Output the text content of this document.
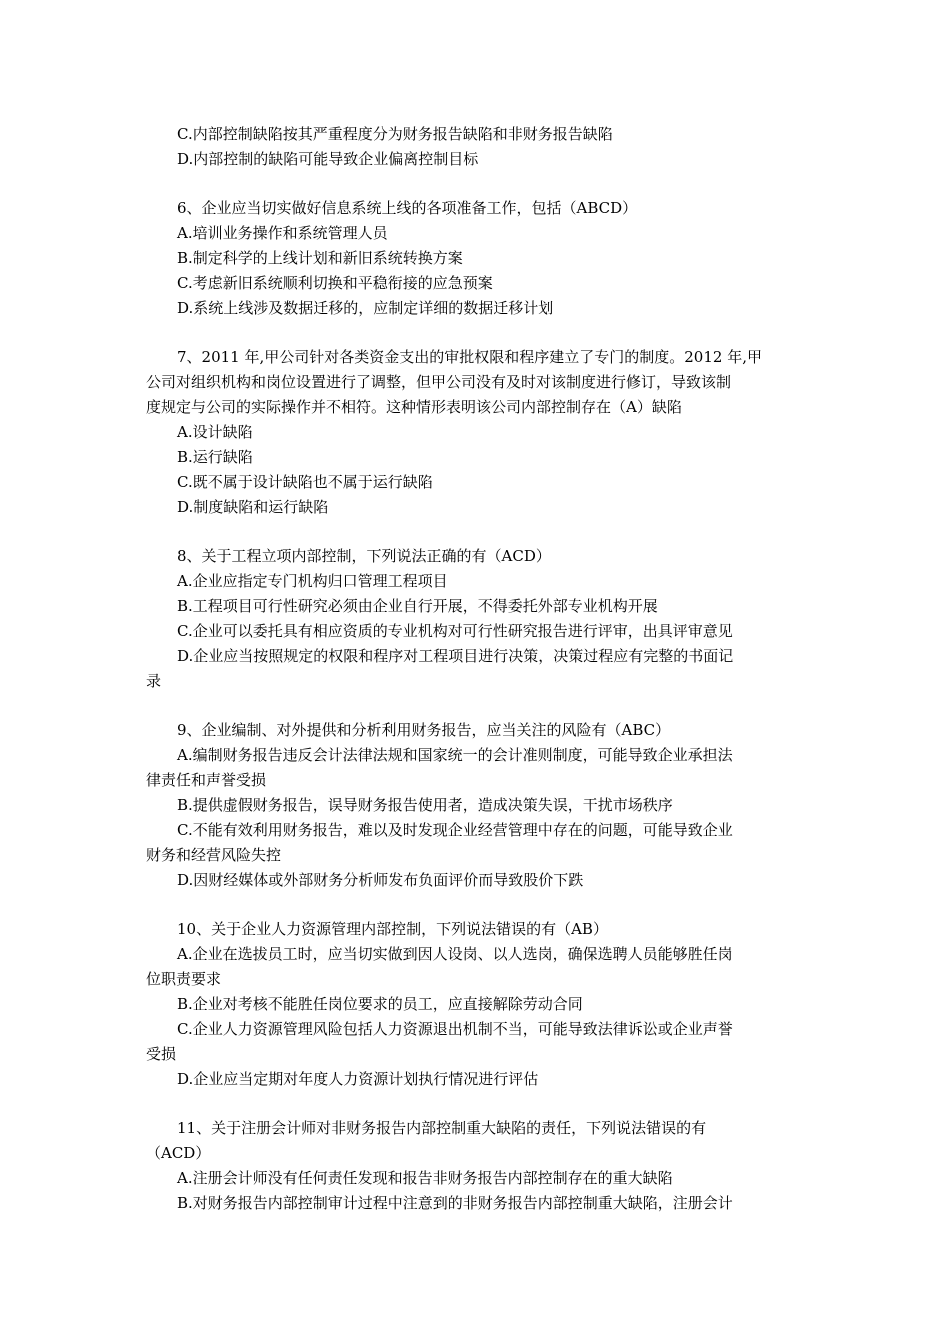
C.内部控制缺陷按其严重程度分为财务报告缺陷和非财务报告缺陷
D.内部控制的缺陷可能导致企业偏离控制目标
6、企业应当切实做好信息系统上线的各项准备工作，包括（ABCD）
A.培训业务操作和系统管理人员
B.制定科学的上线计划和新旧系统转换方案
C.考虑新旧系统顺利切换和平稳衔接的应急预案
D.系统上线涉及数据迁移的，应制定详细的数据迁移计划
7、2011 年,甲公司针对各类资金支出的审批权限和程序建立了专门的制度。2012 年,甲
公司对组织机构和岗位设置进行了调整，但甲公司没有及时对该制度进行修订，导致该制
度规定与公司的实际操作并不相符。这种情形表明该公司内部控制存在（A）缺陷
A.设计缺陷
B.运行缺陷
C.既不属于设计缺陷也不属于运行缺陷
D.制度缺陷和运行缺陷
8、关于工程立项内部控制，下列说法正确的有（ACD）
A.企业应指定专门机构归口管理工程项目
B.工程项目可行性研究必须由企业自行开展，不得委托外部专业机构开展
C.企业可以委托具有相应资质的专业机构对可行性研究报告进行评审，出具评审意见
D.企业应当按照规定的权限和程序对工程项目进行决策，决策过程应有完整的书面记
录
9、企业编制、对外提供和分析利用财务报告，应当关注的风险有（ABC）
A.编制财务报告违反会计法律法规和国家统一的会计准则制度，可能导致企业承担法
律责任和声誉受损
B.提供虚假财务报告，误导财务报告使用者，造成决策失误，干扰市场秩序
C.不能有效利用财务报告，难以及时发现企业经营管理中存在的问题，可能导致企业
财务和经营风险失控
D.因财经媒体或外部财务分析师发布负面评价而导致股价下跌
10、关于企业人力资源管理内部控制，下列说法错误的有（AB）
A.企业在选拔员工时，应当切实做到因人设岗、以人选岗，确保选聘人员能够胜任岗
位职责要求
B.企业对考核不能胜任岗位要求的员工，应直接解除劳动合同
C.企业人力资源管理风险包括人力资源退出机制不当，可能导致法律诉讼或企业声誉
受损
D.企业应当定期对年度人力资源计划执行情况进行评估
11、关于注册会计师对非财务报告内部控制重大缺陷的责任，下列说法错误的有
（ACD）
A.注册会计师没有任何责任发现和报告非财务报告内部控制存在的重大缺陷
B.对财务报告内部控制审计过程中注意到的非财务报告内部控制重大缺陷，注册会计
